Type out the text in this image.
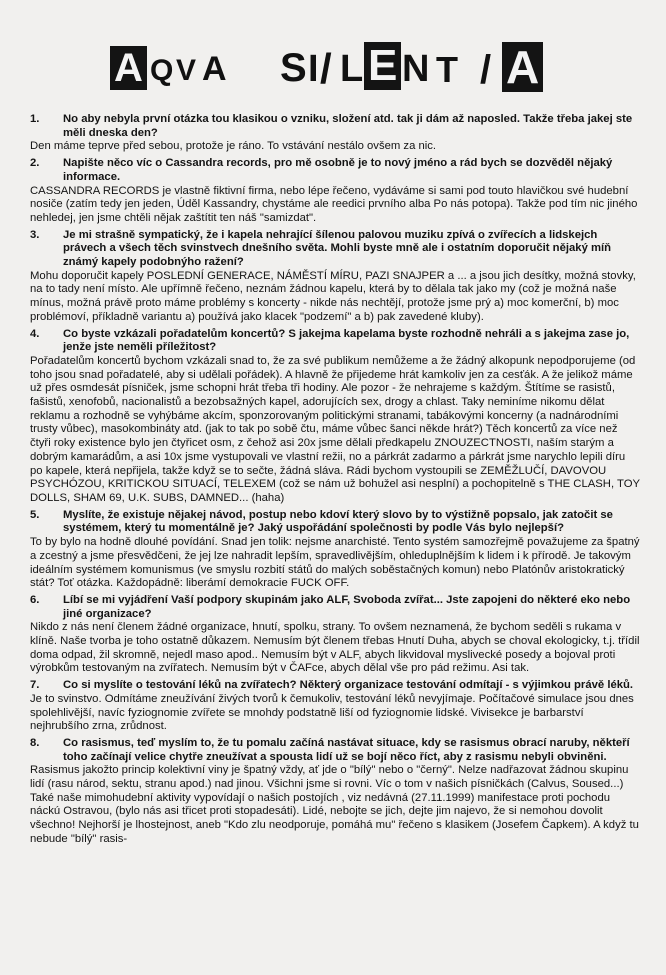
A Q V A S I / L E N T / A
1.	No aby nebyla první otázka tou klasikou o vzniku, složení atd. tak ji dám až naposled. Takže třeba jakej ste měli dneska den?

Den máme teprve před sebou, protože je ráno. To vstávání nestálo ovšem za nic.

2.	Napište něco víc o Cassandra records, pro mě osobně je to nový jméno a rád bych se dozvěděl nějaký informace.

CASSANDRA RECORDS je vlastně fiktivní firma, nebo lépe řečeno, vydáváme si sami pod touto hlavičkou své hudební nosiče (zatím tedy jen jeden, Úděl Kassandry, chystáme ale reedici prvního alba Po nás potopa). Takže pod tím nic jiného nehledej, jen jsme chtěli nějak zaštítit ten náš "samizdat".

3.	Je mi strašně sympatický, že i kapela nehrající šílenou palovou muziku zpívá o zvířecích a lidskejch právech a všech těch svinstvech dnešního světa. Mohli byste mně ale i ostatním doporučit nějaký míň známý kapely podobnýho ražení?

Mohu doporučit kapely POSLEDNÍ GENERACE, NÁMĚSTÍ MÍRU, PAZI SNAJPER a ... a jsou jich desítky, možná stovky, na to tady není místo. Ale upřímně řečeno, neznám žádnou kapelu, která by to dělala tak jako my (což je možná naše mínus, možná právě proto máme problémy s koncerty - nikde nás nechtějí, protože jsme prý a) moc komerční, b) moc problémoví, příkladně variantu a) používá jako klacek "podzemí" a b) pak zavedené kluby).

4.	Co byste vzkázali pořadatelům koncertů? S jakejma kapelama byste rozhodně nehráli a s jakejma zase jo, jenže jste neměli příležitost?

Pořadatelům koncertů bychom vzkázali snad to, že za své publikum nemůžeme a že žádný alkopunk nepodporujeme (od toho jsou snad pořadatelé, aby si udělali pořádek). A hlavně že přijedeme hrát kamkoliv jen za cesťák. A že jelikož máme už přes osmdesát písniček, jsme schopni hrát třeba tři hodiny. Ale pozor - že nehrajeme s každým. Štítíme se rasistů, fašistů, xenofobů, nacionalistů a bezobsažných kapel, adorujících sex, drogy a chlast. Taky neminíme nikomu dělat reklamu a rozhodně se vyhýbáme akcím, sponzorovaným politickými stranami, tabákovými koncerny (a nadnárodními trusty vůbec), masokombináty atd. (jak to tak po sobě čtu, máme vůbec šanci někde hrát?) Těch koncertů za více než čtyři roky existence bylo jen čtyřicet osm, z čehož asi 20x jsme dělali předkapelu ZNOUZECTNOSTI, naším starým a dobrým kamarádům, a asi 10x jsme vystupovali ve vlastní režii, no a párkrát zadarmo a párkrát jsme narychlo lepili díru po kapele, která nepřijela, takže když se to sečte, žádná sláva. Rádi bychom vystoupili se ZEMĚŽLUČÍ, DAVOVOU PSYCHÓZOU, KRITICKOU SITUACÍ, TELEXEM (což se nám už bohužel asi nesplní) a pochopitelně s THE CLASH, TOY DOLLS, SHAM 69, U.K. SUBS, DAMNED... (haha)

5.	Myslíte, že existuje nějakej návod, postup nebo kdoví který slovo by to výstižně popsalo, jak zatočit se systémem, který tu momentálně je? Jaký uspořádání společnosti by podle Vás bylo nejlepší?

To by bylo na hodně dlouhé povídání. Snad jen tolik: nejsme anarchisté. Tento systém samozřejmě považujeme za špatný a zcestný a jsme přesvědčeni, že jej lze nahradit lepším, spravedlivějším, ohleduplnějším k lidem i k přírodě. Je takovým ideálním systémem komunismus (ve smyslu rozbití států do malých soběstačných komun) nebo Platónův aristokratický stát? Toť otázka. Každopádně: liberámí demokracie FUCK OFF.

6.	Líbí se mi vyjádření Vaší podpory skupinám jako ALF, Svoboda zvířat... Jste zapojeni do některé eko nebo jiné organizace?

Nikdo z nás není členem žádné organizace, hnutí, spolku, strany. To ovšem neznamená, že bychom seděli s rukama v klíně. Naše tvorba je toho ostatně důkazem. Nemusím být členem třebas Hnutí Duha, abych se choval ekologicky, t.j. třídil doma odpad, žil skromně, nejedl maso apod.. Nemusím být v ALF, abych likvidoval myslivecké posedy a bojoval proti výrobkům testovaným na zvířatech. Nemusím být v ČAFce, abych dělal vše pro pád režimu. Asi tak.

7.	Co si myslíte o testování léků na zvířatech? Některý organizace testování odmítají - s výjimkou právě léků.

Je to svinstvo. Odmítáme zneužívání živých tvorů k čemukoliv, testování léků nevyjímaje. Počítačové simulace jsou dnes spolehlivější, navíc fyziognomie zvířete se mnohdy podstatně liší od fyziognomie lidské. Vivisekce je barbarství nejhrubšího zrna, zrůdnost.

8.	Co rasismus, teď myslím to, že tu pomalu začíná nastávat situace, kdy se rasismus obrací naruby, někteří toho začínají velice chytře zneužívat a spousta lidí už se bojí něco říct, aby z rasismu nebyli obviněni.

Rasismus jakožto princip kolektivní viny je špatný vždy, ať jde o "bílý" nebo o "černý". Nelze nadřazovat žádnou skupinu lidí (rasu národ, sektu, stranu apod.) nad jinou. Všichni jsme si rovni. Víc o tom v našich písničkách (Calvus, Soused...) Také naše mimohudební aktivity vypovídají o našich postojích , viz nedávná (27.11.1999) manifestace proti pochodu náckú Ostravou, (bylo nás asi třicet proti stopadesáti). Lidé, nebojte se jich, dejte jim najevo, že si nemohou dovolit všechno! Nejhorší je lhostejnost, aneb "Kdo zlu neodporuje, pomáhá mu" řečeno s klasikem (Josefem Čapkem). A když tu nebude "bílý" rasis-
